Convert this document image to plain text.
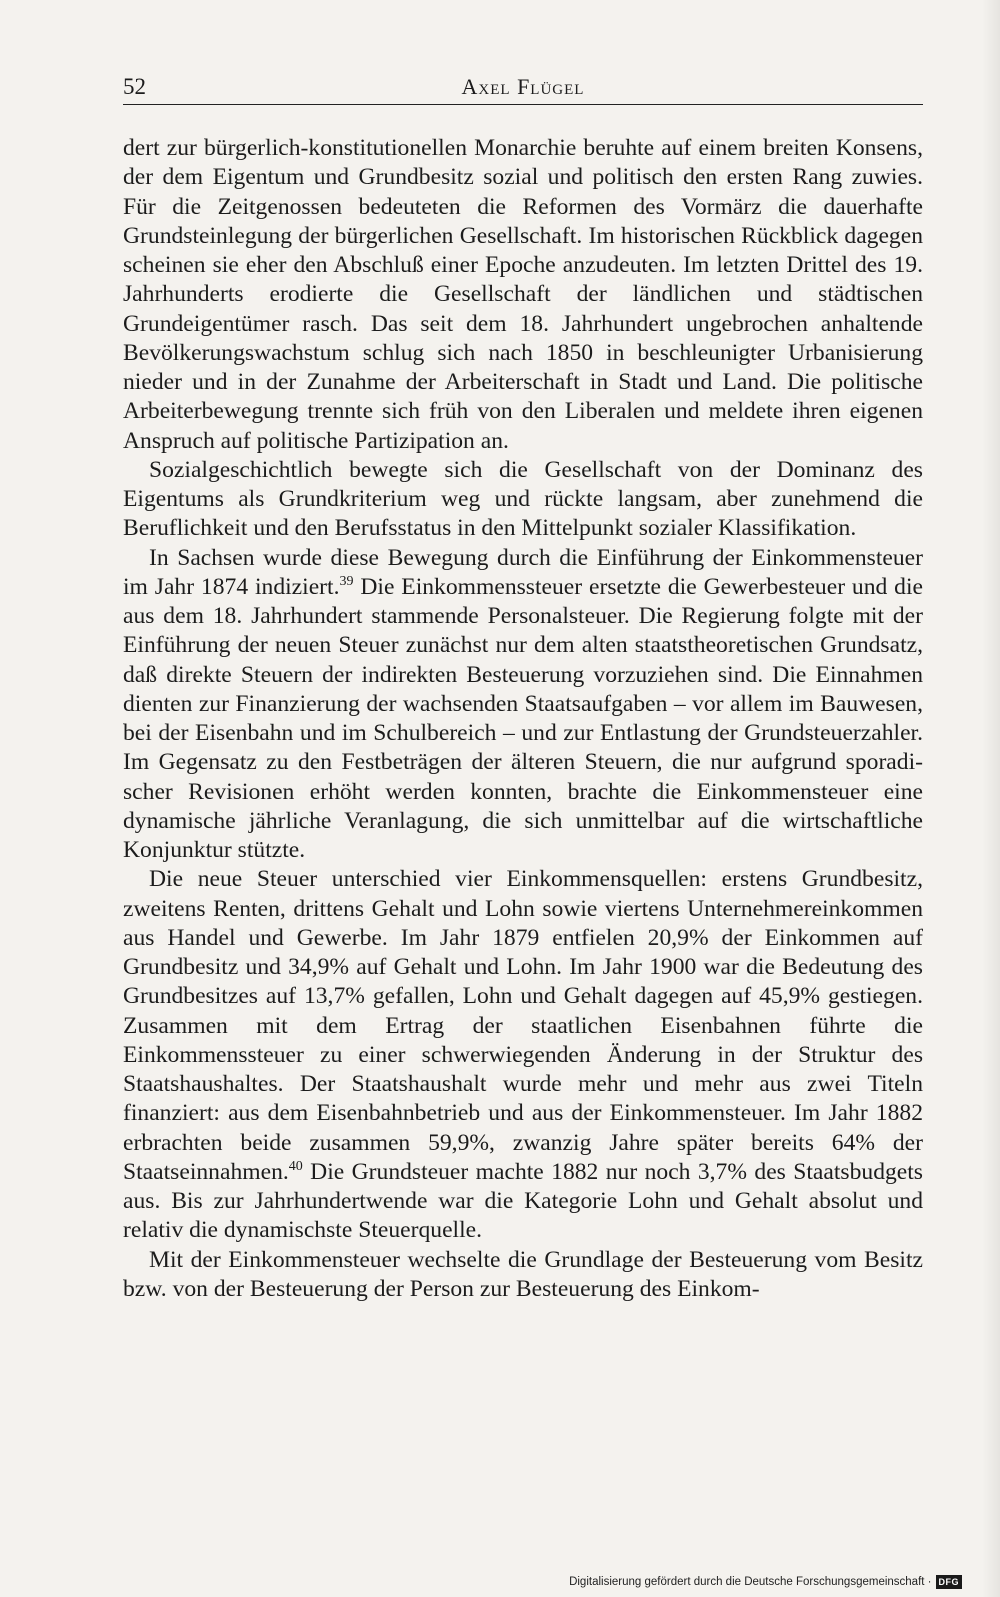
52	Axel Flügel

dert zur bürgerlich-konstitutionellen Monarchie beruhte auf einem breiten Konsens, der dem Eigentum und Grundbesitz sozial und politisch den ersten Rang zuwies. Für die Zeitgenossen bedeuteten die Reformen des Vormärz die dauerhafte Grundsteinlegung der bürgerlichen Gesellschaft. Im historischen Rückblick dagegen scheinen sie eher den Abschluß einer Epoche anzudeuten. Im letzten Drittel des 19. Jahrhunderts erodierte die Gesellschaft der ländlichen und städtischen Grundeigentümer rasch. Das seit dem 18. Jahrhundert ungebrochen anhaltende Bevölkerungswachstum schlug sich nach 1850 in beschleunigter Urbanisierung nieder und in der Zunahme der Arbeiterschaft in Stadt und Land. Die politische Arbeiterbewegung trennte sich früh von den Liberalen und meldete ihren eigenen Anspruch auf politische Partizipation an.

Sozialgeschichtlich bewegte sich die Gesellschaft von der Dominanz des Eigentums als Grundkriterium weg und rückte langsam, aber zunehmend die Beruflichkeit und den Berufsstatus in den Mittelpunkt sozialer Klassifikation.

In Sachsen wurde diese Bewegung durch die Einführung der Einkommensteuer im Jahr 1874 indiziert.$^{39}$ Die Einkommenssteuer ersetzte die Gewerbesteuer und die aus dem 18. Jahrhundert stammende Personalsteuer. Die Regierung folgte mit der Einführung der neuen Steuer zunächst nur dem alten staatstheoretischen Grundsatz, daß direkte Steuern der indirekten Besteuerung vorzuziehen sind. Die Einnahmen dienten zur Finanzierung der wachsenden Staatsaufgaben – vor allem im Bauwesen, bei der Eisenbahn und im Schulbereich – und zur Entlastung der Grundsteuerzahler. Im Gegensatz zu den Festbeträgen der älteren Steuern, die nur aufgrund sporadischer Revisionen erhöht werden konnten, brachte die Einkommensteuer eine dynamische jährliche Veranlagung, die sich unmittelbar auf die wirtschaftliche Konjunktur stützte.

Die neue Steuer unterschied vier Einkommensquellen: erstens Grundbesitz, zweitens Renten, drittens Gehalt und Lohn sowie viertens Unternehmereinkommen aus Handel und Gewerbe. Im Jahr 1879 entfielen 20,9% der Einkommen auf Grundbesitz und 34,9% auf Gehalt und Lohn. Im Jahr 1900 war die Bedeutung des Grundbesitzes auf 13,7% gefallen, Lohn und Gehalt dagegen auf 45,9% gestiegen. Zusammen mit dem Ertrag der staatlichen Eisenbahnen führte die Einkommenssteuer zu einer schwerwiegenden Änderung in der Struktur des Staatshaushaltes. Der Staatshaushalt wurde mehr und mehr aus zwei Titeln finanziert: aus dem Eisenbahnbetrieb und aus der Einkommensteuer. Im Jahr 1882 erbrachten beide zusammen 59,9%, zwanzig Jahre später bereits 64% der Staatseinnahmen.$^{40}$ Die Grundsteuer machte 1882 nur noch 3,7% des Staatsbudgets aus. Bis zur Jahrhundertwende war die Kategorie Lohn und Gehalt absolut und relativ die dynamischste Steuerquelle.

Mit der Einkommensteuer wechselte die Grundlage der Besteuerung vom Besitz bzw. von der Besteuerung der Person zur Besteuerung des Einkom-

Digitalisierung gefördert durch die Deutsche Forschungsgemeinschaft · DFG
